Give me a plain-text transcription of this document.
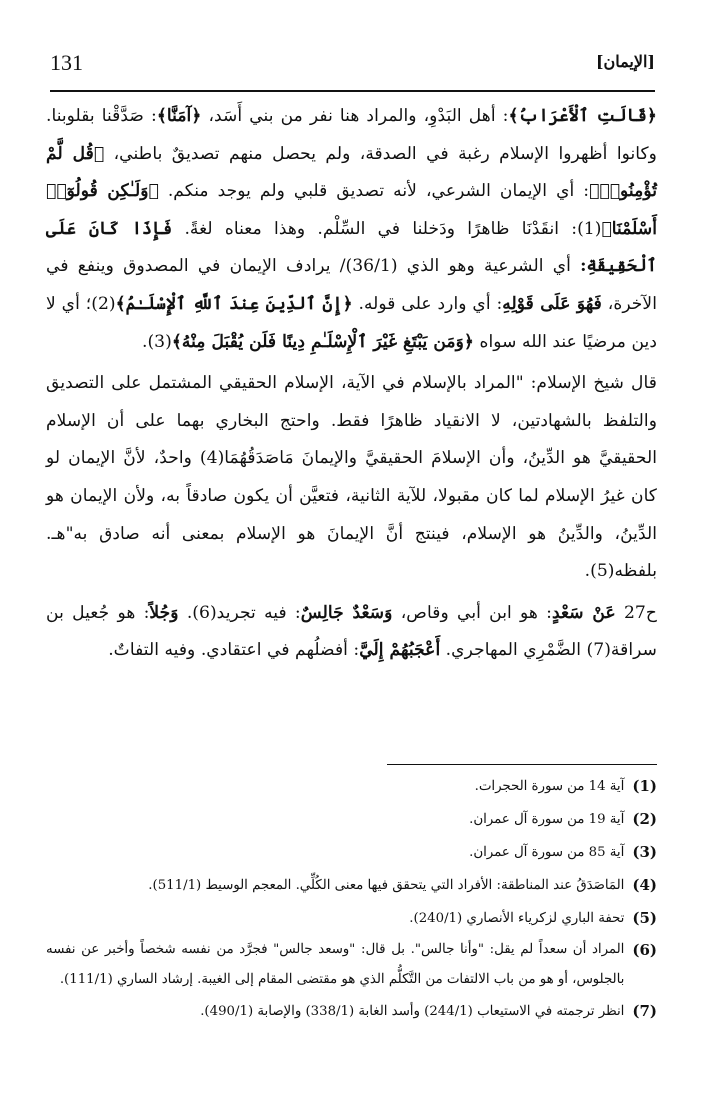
131	[الإيمان]

﴿قَالَتِ ٱلْأَعْرَابُ﴾: أهل البَدْوِ، والمراد هنا نفر من بني أَسَد، ﴿آمَنَّا﴾: صَدَّقْنا بقلوبنا. وكانوا أظهروا الإسلام رغبة في الصدقة، ولم يحصل منهم تصديقٌ باطني، ﴿قُل لَّمْ تُؤْمِنُوا۟﴾: أي الإيمان الشرعي، لأنه تصديق قلبي ولم يوجد منكم. ﴿وَلَـٰكِن قُولُوٓا۟ أَسْلَمْنَا﴾(1): انقَدْنَا ظاهرًا ودَخلنا في السِّلْم. وهذا معناه لغةً. فَإِذَا كَانَ عَلَى ٱلْحَقِيقَةِ: أي الشرعية وهو الذي (36/1)/ يرادف الإيمان في المصدوق وينفع في الآخرة، فَهُوَ عَلَى قَوْلِهِ: أي وارد على قوله. ﴿إِنَّ ٱلدِّينَ عِندَ ٱللَّهِ ٱلْإِسْلَـٰمُ﴾(2)؛ أي لا دين مرضيًا عند الله سواه ﴿وَمَن يَبْتَغِ غَيْرَ ٱلْإِسْلَـٰمِ دِينًا فَلَن يُقْبَلَ مِنْهُ﴾(3).

قال شيخ الإسلام: "المراد بالإسلام في الآية، الإسلام الحقيقي المشتمل على التصديق والتلفظ بالشهادتين، لا الانقياد ظاهرًا فقط. واحتج البخاري بهما على أن الإسلام الحقيقيَّ هو الدِّينُ، وأن الإسلامَ الحقيقيَّ والإيمانَ مَاصَدَقُهُمَا(4) واحدٌ، لأنَّ الإيمان لو كان غيرُ الإسلام لما كان مقبولا، للآية الثانية، فتعيَّن أن يكون صادقاً به، ولأن الإيمان هو الدِّينُ، والدِّينُ هو الإسلام، فينتج أنَّ الإيمانَ هو الإسلام بمعنى أنه صادق به"هـ. بلفظه(5).

ح27 عَنْ سَعْدٍ: هو ابن أبي وقاص، وَسَعْدٌ جَالِسٌ: فيه تجريد(6). وَجُلاً: هو جُعيل بن سراقة(7) الضَّمْرِي المهاجري. أَعْجَبُهُمْ إِلَيَّ: أفضلُهم في اعتقادي. وفيه التفاتٌ.

(1)
آية 14 من سورة الحجرات.
(2)
آية 19 من سورة آل عمران.
(3)
آية 85 من سورة آل عمران.
(4)
المَاصَدَقُ عند المناطقة: الأفراد التي يتحقق فيها معنى الكُلِّي. المعجم الوسيط (511/1).
(5)
تحفة الباري لزكرياء الأنصاري (240/1).
(6)
المراد أن سعداً لم يقل: "وأنا جالس". بل قال: "وسعد جالس" فجرَّد من نفسه شخصاً وأخبر عن نفسه بالجلوس، أو هو من باب الالتفات من التَّكلُّم الذي هو مقتضى المقام إلى الغيبة. إرشاد الساري (111/1).
(7)
انظر ترجمته في الاستيعاب (244/1) وأسد الغابة (338/1) والإصابة (490/1).
